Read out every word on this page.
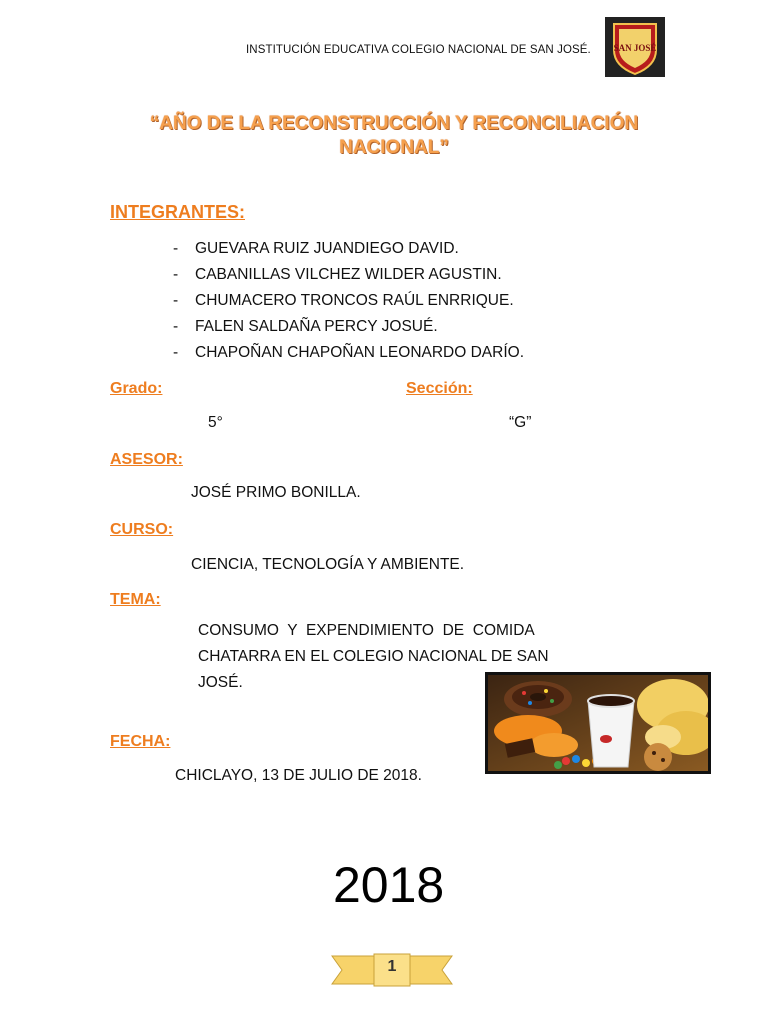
INSTITUCIÓN EDUCATIVA COLEGIO NACIONAL DE SAN JOSÉ.	SAN JOSÉ
“AÑO DE LA RECONSTRUCCIÓN Y RECONCILIACIÓN
NACIONAL”
INTEGRANTES:
- GUEVARA RUIZ JUANDIEGO DAVID.
- CABANILLAS VILCHEZ WILDER AGUSTIN.
- CHUMACERO TRONCOS RAÚL ENRRIQUE.
- FALEN SALDAÑA PERCY JOSUÉ.
- CHAPOÑAN CHAPOÑAN LEONARDO DARÍO.
Grado:	Sección:
5°	“G”
ASESOR:
JOSÉ PRIMO BONILLA.
CURSO:
CIENCIA, TECNOLOGÍA Y AMBIENTE.
TEMA:
CONSUMO  Y  EXPENDIMIENTO  DE  COMIDA
CHATARRA EN EL COLEGIO NACIONAL DE SAN
JOSÉ.
FECHA:
CHICLAYO, 13 DE JULIO DE 2018.
2018
1
